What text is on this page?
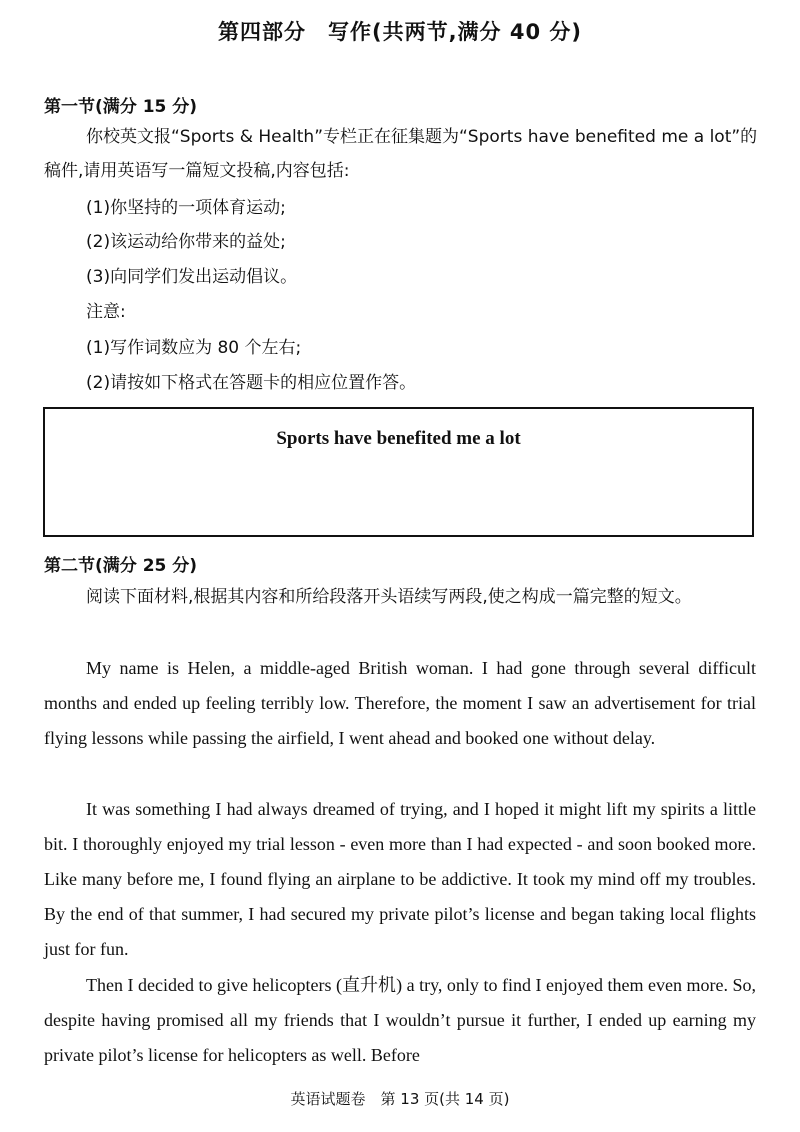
第四部分　写作(共两节,满分 40 分)
第一节(满分 15 分)
你校英文报“Sports & Health”专栏正在征集题为“Sports have benefited me a lot”的稿件,请用英语写一篇短文投稿,内容包括:
(1)你坚持的一项体育运动;
(2)该运动给你带来的益处;
(3)向同学们发出运动倡议。
注意:
(1)写作词数应为 80 个左右;
(2)请按如下格式在答题卡的相应位置作答。
Sports have benefited me a lot
第二节(满分 25 分)
阅读下面材料,根据其内容和所给段落开头语续写两段,使之构成一篇完整的短文。
My name is Helen, a middle-aged British woman. I had gone through several difficult months and ended up feeling terribly low. Therefore, the moment I saw an advertisement for trial flying lessons while passing the airfield, I went ahead and booked one without delay.
It was something I had always dreamed of trying, and I hoped it might lift my spirits a little bit. I thoroughly enjoyed my trial lesson - even more than I had expected - and soon booked more. Like many before me, I found flying an airplane to be addictive. It took my mind off my troubles. By the end of that summer, I had secured my private pilot’s license and began taking local flights just for fun.
Then I decided to give helicopters (直升机) a try, only to find I enjoyed them even more. So, despite having promised all my friends that I wouldn’t pursue it further, I ended up earning my private pilot’s license for helicopters as well. Before
英语试题卷　第 13 页(共 14 页)
